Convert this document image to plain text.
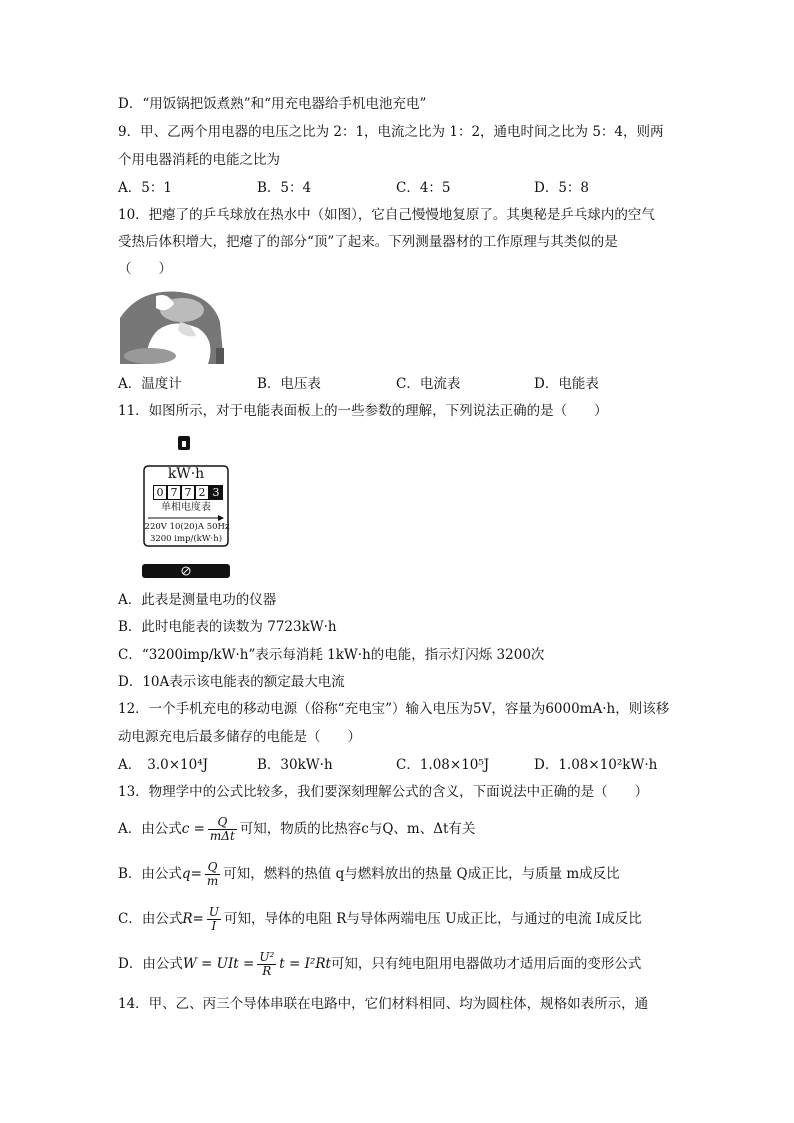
D．“用饭锅把饭煮熟”和“用充电器给手机电池充电”
9．甲、乙两个用电器的电压之比为 2：1，电流之比为 1：2，通电时间之比为 5：4，则两
个用电器消耗的电能之比为
A．5：1	B．5：4	C．4：5	D．5：8
10．把瘪了的乒乓球放在热水中（如图），它自己慢慢地复原了。其奥秘是乒乓球内的空气
受热后体积增大，把瘪了的部分“顶”了起来。下列测量器材的工作原理与其类似的是
（　　）
A．温度计	B．电压表	C．电流表	D．电能表
11．如图所示，对于电能表面板上的一些参数的理解，下列说法正确的是（　　）
kW·h
0 7 7 2 3
单相电度表
220V 10(20)A 50Hz
3200 imp/(kW·h)
A．此表是测量电功的仪器
B．此时电能表的读数为 7723kW·h
C．“3200imp/kW·h”表示每消耗 1kW·h的电能，指示灯闪烁 3200次
D．10A表示该电能表的额定最大电流
12．一个手机充电的移动电源（俗称“充电宝”）输入电压为5V，容量为6000mA·h，则该移
动电源充电后最多储存的电能是（　　）
A． 3.0×10⁴J	B．30kW·h	C．1.08×10⁵J	D．1.08×10²kW·h
13．物理学中的公式比较多，我们要深刻理解公式的含义，下面说法中正确的是（　　）
A．由公式$c = \frac{Q}{\text{mΔt}}$ 可知，物质的比热容c与Q、m、Δt有关
B．由公式$q= \frac{Q}{m}$ 可知，燃料的热值 q与燃料放出的热量 Q成正比，与质量 m成反比
C．由公式$R= \frac{U}{I}$ 可知，导体的电阻 R与导体两端电压 U成正比，与通过的电流 I成反比
D．由公式W = UIt = $\frac{\text{U²}}{R}$ t = I²Rt可知，只有纯电阻用电器做功才适用后面的变形公式
14．甲、乙、丙三个导体串联在电路中，它们材料相同、均为圆柱体，规格如表所示，通
